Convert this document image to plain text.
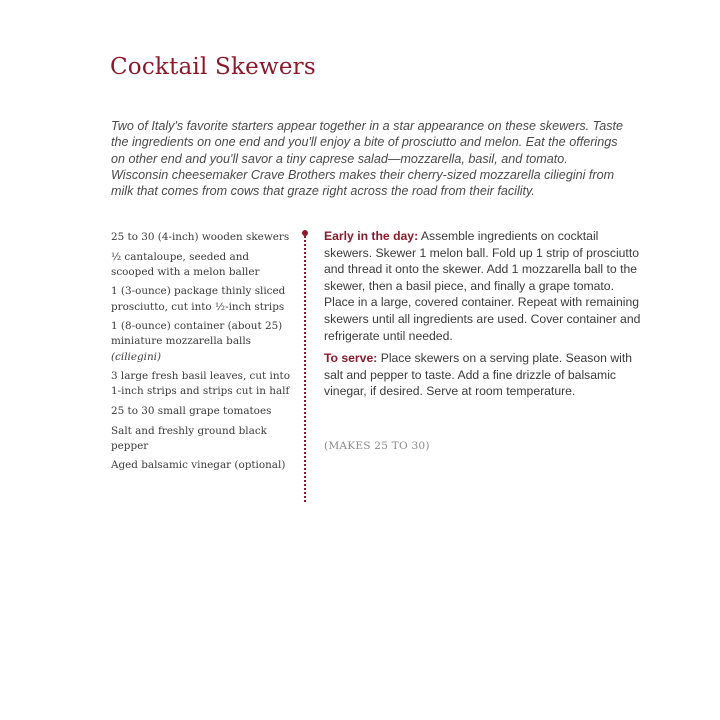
Cocktail Skewers

Two of Italy's favorite starters appear together in a star appearance on these skewers. Taste the ingredients on one end and you'll enjoy a bite of prosciutto and melon. Eat the offerings on other end and you'll savor a tiny caprese salad—mozzarella, basil, and tomato. Wisconsin cheesemaker Crave Brothers makes their cherry-sized mozzarella ciliegini from milk that comes from cows that graze right across the road from their facility.

25 to 30 (4-inch) wooden skewers
½ cantaloupe, seeded and scooped with a melon baller
1 (3-ounce) package thinly sliced prosciutto, cut into ½-inch strips
1 (8-ounce) container (about 25) miniature mozzarella balls
(ciliegini)
3 large fresh basil leaves, cut into 1-inch strips and strips cut in half
25 to 30 small grape tomatoes
Salt and freshly ground black pepper
Aged balsamic vinegar (optional)

Early in the day: Assemble ingredients on cocktail skewers. Skewer 1 melon ball. Fold up 1 strip of prosciutto and thread it onto the skewer. Add 1 mozzarella ball to the skewer, then a basil piece, and finally a grape tomato. Place in a large, covered container. Repeat with remaining skewers until all ingredients are used. Cover container and refrigerate until needed.

To serve: Place skewers on a serving plate. Season with salt and pepper to taste. Add a fine drizzle of balsamic vinegar, if desired. Serve at room temperature.

(MAKES 25 TO 30)
